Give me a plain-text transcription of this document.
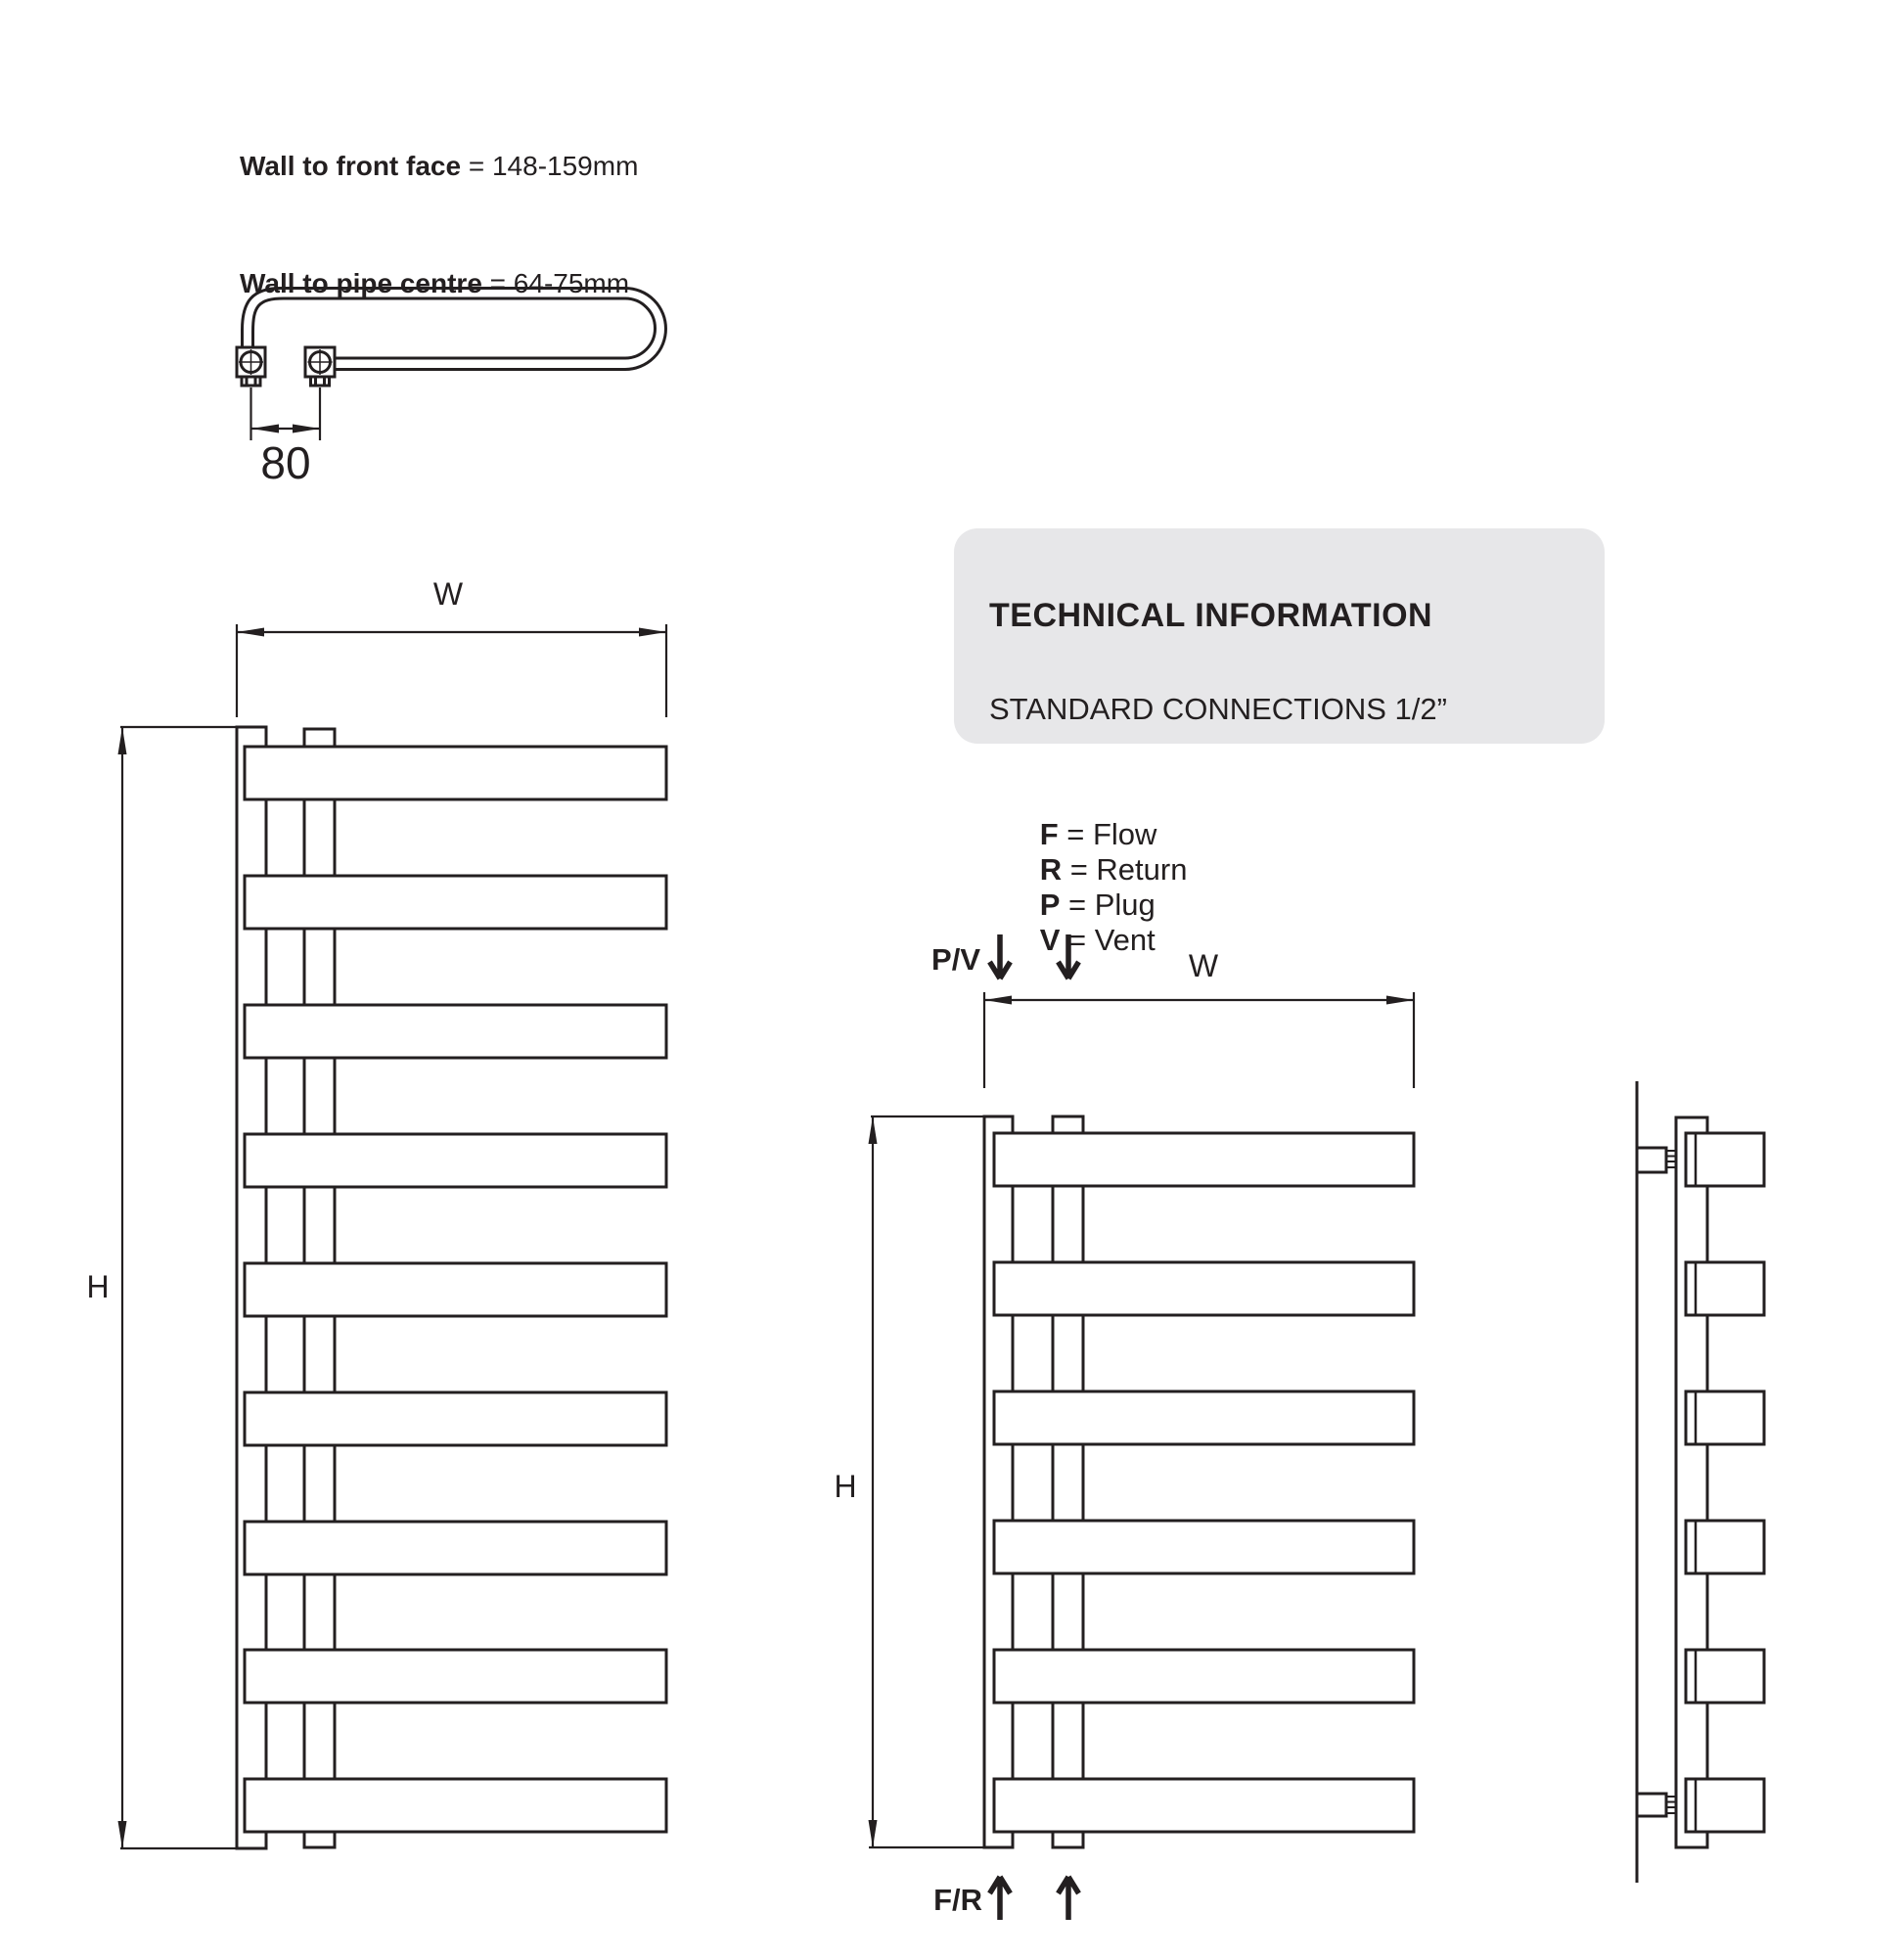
Wall to front face = 148-159mm

Wall to pipe centre = 64-75mm

TECHNICAL INFORMATION

STANDARD CONNECTIONS 1/2”

F = Flow
R = Return
P = Plug
V = Vent

80
W
H
W
H
P/V
F/R
